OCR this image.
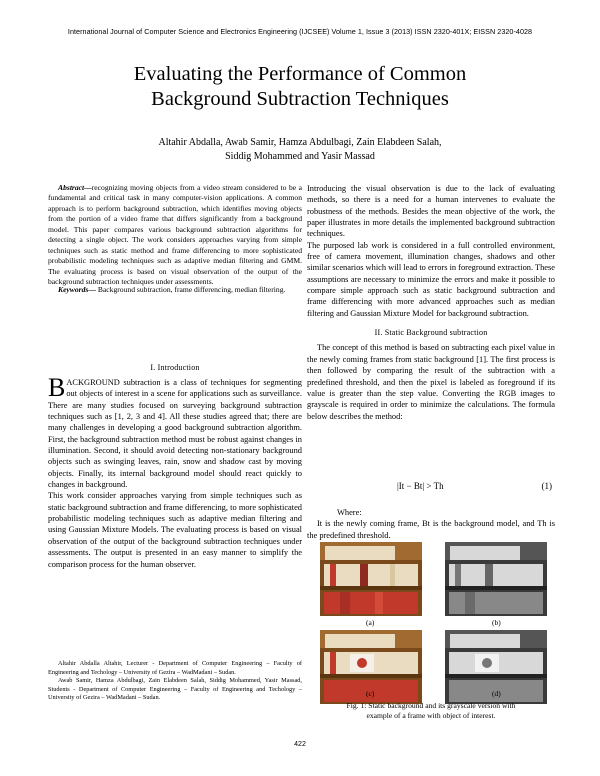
International Journal of Computer Science and Electronics Engineering (IJCSEE) Volume 1, Issue 3 (2013) ISSN 2320-401X; EISSN 2320-4028
Evaluating the Performance of Common
Background Subtraction Techniques
Altahir Abdalla, Awab Samir, Hamza Abdulbagi, Zain Elabdeen Salah,
Siddig Mohammed and Yasir Massad

Abstract—recognizing moving objects from a video stream considered to be a fundamental and critical task in many computer-vision applications. A common approach is to perform background subtraction, which identifies moving objects from the portion of a video frame that differs significantly from a background model. This paper compares various background subtraction algorithms for detecting a single object. The work considers approaches varying from simple techniques such as static method and frame differencing to more sophisticated probabilistic modeling techniques such as adaptive median filtering and GMM. The evaluating process is based on visual observation of the output of the background subtraction techniques under assessments.

Keywords— Background subtraction, frame differencing, median filtering.

I. Introduction

BACKGROUND subtraction is a class of techniques for segmenting out objects of interest in a scene for applications such as surveillance. There are many studies focused on surveying background subtraction techniques such as [1, 2, 3 and 4]. All these studies agreed that; there are many challenges in developing a good background subtraction algorithm. First, the background subtraction method must be robust against changes in illumination. Second, it should avoid detecting non-stationary background objects such as swinging leaves, rain, snow and shadow cast by moving objects. Finally, its internal background model should react quickly to changes in background.

This work consider approaches varying from simple techniques such as static background subtraction and frame differencing, to more sophisticated probabilistic modeling techniques such as adaptive median filtering and using Gaussian Mixture Models. The evaluating process is based on visual observation of the output of the background subtraction techniques under assessments. The output is presented in an easy manner to simplify the comparison process for the human observer.

Altahir Abdalla Altahir, Lecturer - Department of Computer Engineering – Faculty of Engineering and Techology – University of Gezira – WadMadani – Sudan.

Awab Samir, Hamza Abdulbagi, Zain Elabdeen Salah, Siddig Mohammed, Yasir Massad, Students - Department of Computer Engineering – Faculty of Engineering and Techology – University of Gezira – WadMadani – Sudan.

Introducing the visual observation is due to the lack of evaluating methods, so there is a need for a human intervenes to evaluate the robustness of the methods. Besides the mean objective of the work, the paper illustrates in more details the implemented background subtraction techniques.

The purposed lab work is considered in a full controlled environment, free of camera movement, illumination changes, shadows and other similar scenarios which will lead to errors in foreground extraction. These assumptions are necessary to minimize the errors and make it possible to compare simple approach such as static background subtraction and frame differencing with more advanced approaches such as median filtering and Gaussian Mixture Model for background subtraction.

II. Static Background subtraction

The concept of this method is based on subtracting each pixel value in the newly coming frames from static background [1]. The first process is then followed by comparing the result of the subtraction with a predefined threshold, and then the pixel is labeled as foreground if its value is greater than the step value. Converting the RGB images to grayscale is required in order to minimize the calculations. The formula below describes the method:

|It − Bt| > Th	(1)

Where:

It is the newly coming frame, Bt is the background model, and Th is the predefined threshold.

(a)	(b)
(c)	(d)
Fig. 1: Static background and its grayscale version with
example of a frame with object of interest.
422
